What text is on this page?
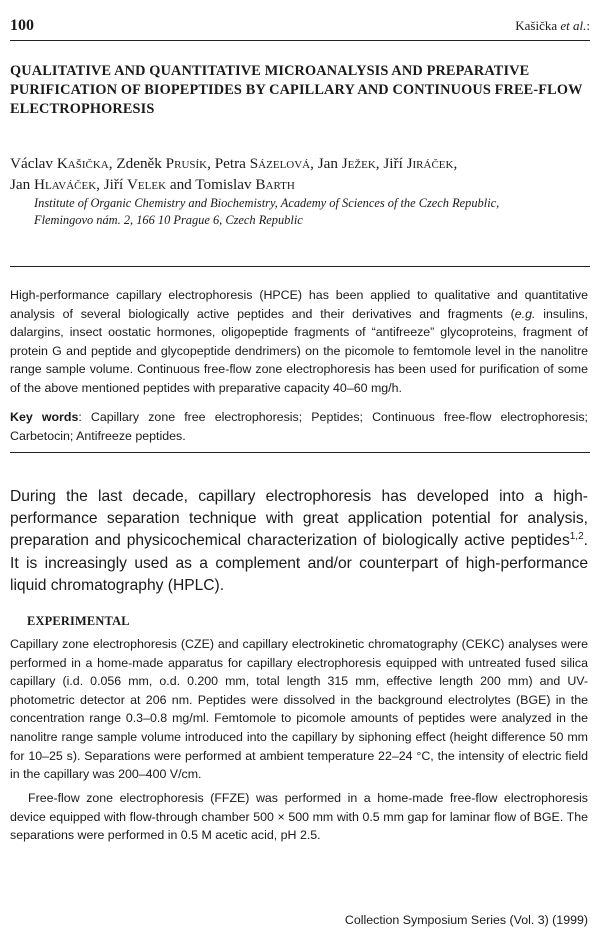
100	Kašička et al.:
QUALITATIVE AND QUANTITATIVE MICROANALYSIS AND PREPARATIVE PURIFICATION OF BIOPEPTIDES BY CAPILLARY AND CONTINUOUS FREE-FLOW ELECTROPHORESIS

Václav Kašička, Zdeněk Prusík, Petra Sázelová, Jan Ježek, Jiří Jiráček,
Jan Hlaváček, Jiří Velek and Tomislav Barth

Institute of Organic Chemistry and Biochemistry, Academy of Sciences of the Czech Republic,
Flemingovo nám. 2, 166 10 Prague 6, Czech Republic

High-performance capillary electrophoresis (HPCE) has been applied to qualitative and quantitative analysis of several biologically active peptides and their derivatives and fragments (e.g. insulins, dalargins, insect oostatic hormones, oligopeptide fragments of “antifreeze” glycoproteins, fragment of protein G and peptide and glycopeptide dendrimers) on the picomole to femtomole level in the nanolitre range sample volume. Continuous free-flow zone electrophoresis has been used for purification of some of the above mentioned peptides with preparative capacity 40–60 mg/h.

Key words: Capillary zone free electrophoresis; Peptides; Continuous free-flow electrophoresis; Carbetocin; Antifreeze peptides.

During the last decade, capillary electrophoresis has developed into a high-performance separation technique with great application potential for analysis, preparation and physicochemical characterization of biologically active peptides$^{1,2}$. It is increasingly used as a complement and/or counterpart of high-performance liquid chromatography (HPLC).

EXPERIMENTAL

Capillary zone electrophoresis (CZE) and capillary electrokinetic chromatography (CEKC) analyses were performed in a home-made apparatus for capillary electrophoresis equipped with untreated fused silica capillary (i.d. 0.056 mm, o.d. 0.200 mm, total length 315 mm, effective length 200 mm) and UV-photometric detector at 206 nm. Peptides were dissolved in the background electrolytes (BGE) in the concentration range 0.3–0.8 mg/ml. Femtomole to picomole amounts of peptides were analyzed in the nanolitre range sample volume introduced into the capillary by siphoning effect (height difference 50 mm for 10–25 s). Separations were performed at ambient temperature 22–24 °C, the intensity of electric field in the capillary was 200–400 V/cm.

Free-flow zone electrophoresis (FFZE) was performed in a home-made free-flow electrophoresis device equipped with flow-through chamber 500 × 500 mm with 0.5 mm gap for laminar flow of BGE. The separations were performed in 0.5 M acetic acid, pH 2.5.

Collection Symposium Series (Vol. 3) (1999)
